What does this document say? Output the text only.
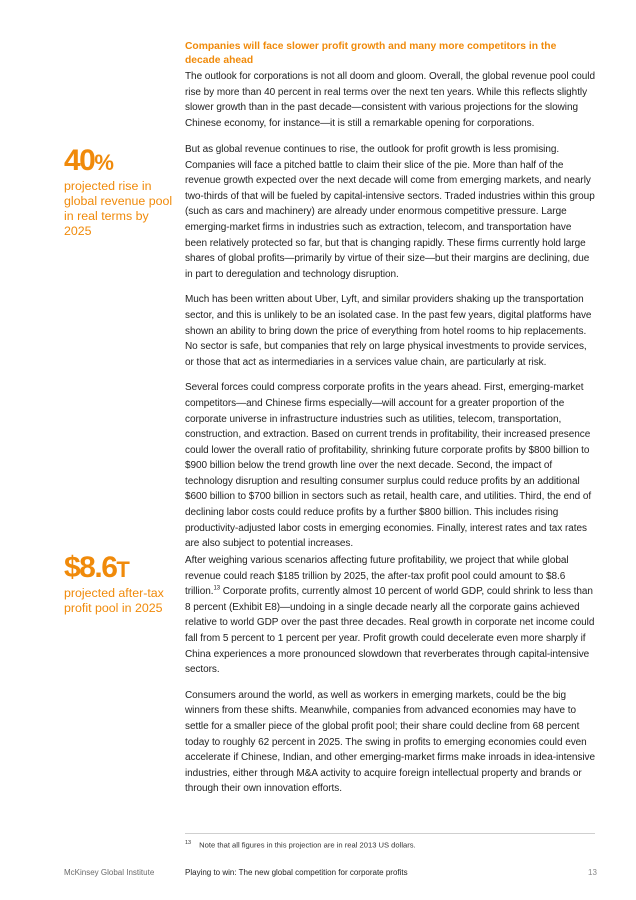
Companies will face slower profit growth and many more competitors in the decade ahead

The outlook for corporations is not all doom and gloom. Overall, the global revenue pool could rise by more than 40 percent in real terms over the next ten years. While this reflects slightly slower growth than in the past decade—consistent with various projections for the slowing Chinese economy, for instance—it is still a remarkable opening for corporations.

40%
projected rise in global revenue pool in real terms by 2025

But as global revenue continues to rise, the outlook for profit growth is less promising. Companies will face a pitched battle to claim their slice of the pie. More than half of the revenue growth expected over the next decade will come from emerging markets, and nearly two-thirds of that will be fueled by capital-intensive sectors. Traded industries within this group (such as cars and machinery) are already under enormous competitive pressure. Large emerging-market firms in industries such as extraction, telecom, and transportation have been relatively protected so far, but that is changing rapidly. These firms currently hold large shares of global profits—primarily by virtue of their size—but their margins are declining, due in part to deregulation and technology disruption.

Much has been written about Uber, Lyft, and similar providers shaking up the transportation sector, and this is unlikely to be an isolated case. In the past few years, digital platforms have shown an ability to bring down the price of everything from hotel rooms to hip replacements. No sector is safe, but companies that rely on large physical investments to provide services, or those that act as intermediaries in a services value chain, are particularly at risk.

Several forces could compress corporate profits in the years ahead. First, emerging-market competitors—and Chinese firms especially—will account for a greater proportion of the corporate universe in infrastructure industries such as utilities, telecom, transportation, construction, and extraction. Based on current trends in profitability, their increased presence could lower the overall ratio of profitability, shrinking future corporate profits by $800 billion to $900 billion below the trend growth line over the next decade. Second, the impact of technology disruption and resulting consumer surplus could reduce profits by an additional $600 billion to $700 billion in sectors such as retail, health care, and utilities. Third, the end of declining labor costs could reduce profits by a further $800 billion. This includes rising productivity-adjusted labor costs in emerging economies. Finally, interest rates and tax rates are also subject to potential increases.

$8.6T
projected after-tax profit pool in 2025

After weighing various scenarios affecting future profitability, we project that while global revenue could reach $185 trillion by 2025, the after-tax profit pool could amount to $8.6 trillion.$^{13}$ Corporate profits, currently almost 10 percent of world GDP, could shrink to less than 8 percent (Exhibit E8)—undoing in a single decade nearly all the corporate gains achieved relative to world GDP over the past three decades. Real growth in corporate net income could fall from 5 percent to 1 percent per year. Profit growth could decelerate even more sharply if China experiences a more pronounced slowdown that reverberates through capital-intensive sectors.

Consumers around the world, as well as workers in emerging markets, could be the big winners from these shifts. Meanwhile, companies from advanced economies may have to settle for a smaller piece of the global profit pool; their share could decline from 68 percent today to roughly 62 percent in 2025. The swing in profits to emerging economies could even accelerate if Chinese, Indian, and other emerging-market firms make inroads in idea-intensive industries, either through M&A activity to acquire foreign intellectual property and brands or through their own innovation efforts.

$^{13}$ Note that all figures in this projection are in real 2013 US dollars.
McKinsey Global Institute	Playing to win: The new global competition for corporate profits	13
